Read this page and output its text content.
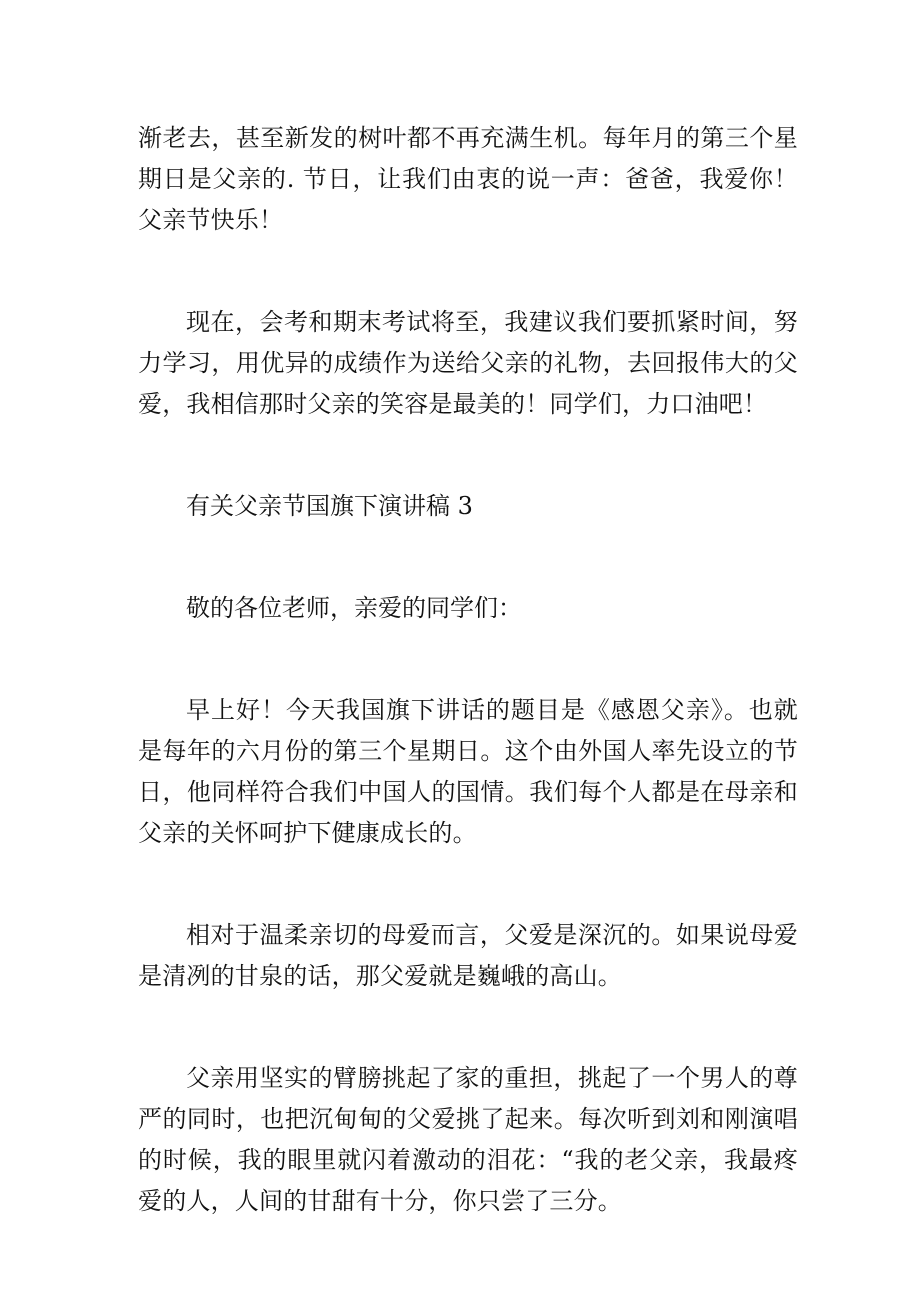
渐老去，甚至新发的树叶都不再充满生机。每年月的第三个星期日是父亲的. 节日，让我们由衷的说一声：爸爸，我爱你！父亲节快乐！

现在，会考和期末考试将至，我建议我们要抓紧时间，努力学习，用优异的成绩作为送给父亲的礼物，去回报伟大的父爱，我相信那时父亲的笑容是最美的！同学们，力口油吧！

有关父亲节国旗下演讲稿 3

敬的各位老师，亲爱的同学们：

早上好！今天我国旗下讲话的题目是《感恩父亲》。也就是每年的六月份的第三个星期日。这个由外国人率先设立的节日，他同样符合我们中国人的国情。我们每个人都是在母亲和父亲的关怀呵护下健康成长的。

相对于温柔亲切的母爱而言，父爱是深沉的。如果说母爱是清冽的甘泉的话，那父爱就是巍峨的高山。

父亲用坚实的臂膀挑起了家的重担，挑起了一个男人的尊严的同时，也把沉甸甸的父爱挑了起来。每次听到刘和刚演唱的时候，我的眼里就闪着激动的泪花：“我的老父亲，我最疼爱的人，人间的甘甜有十分，你只尝了三分。
